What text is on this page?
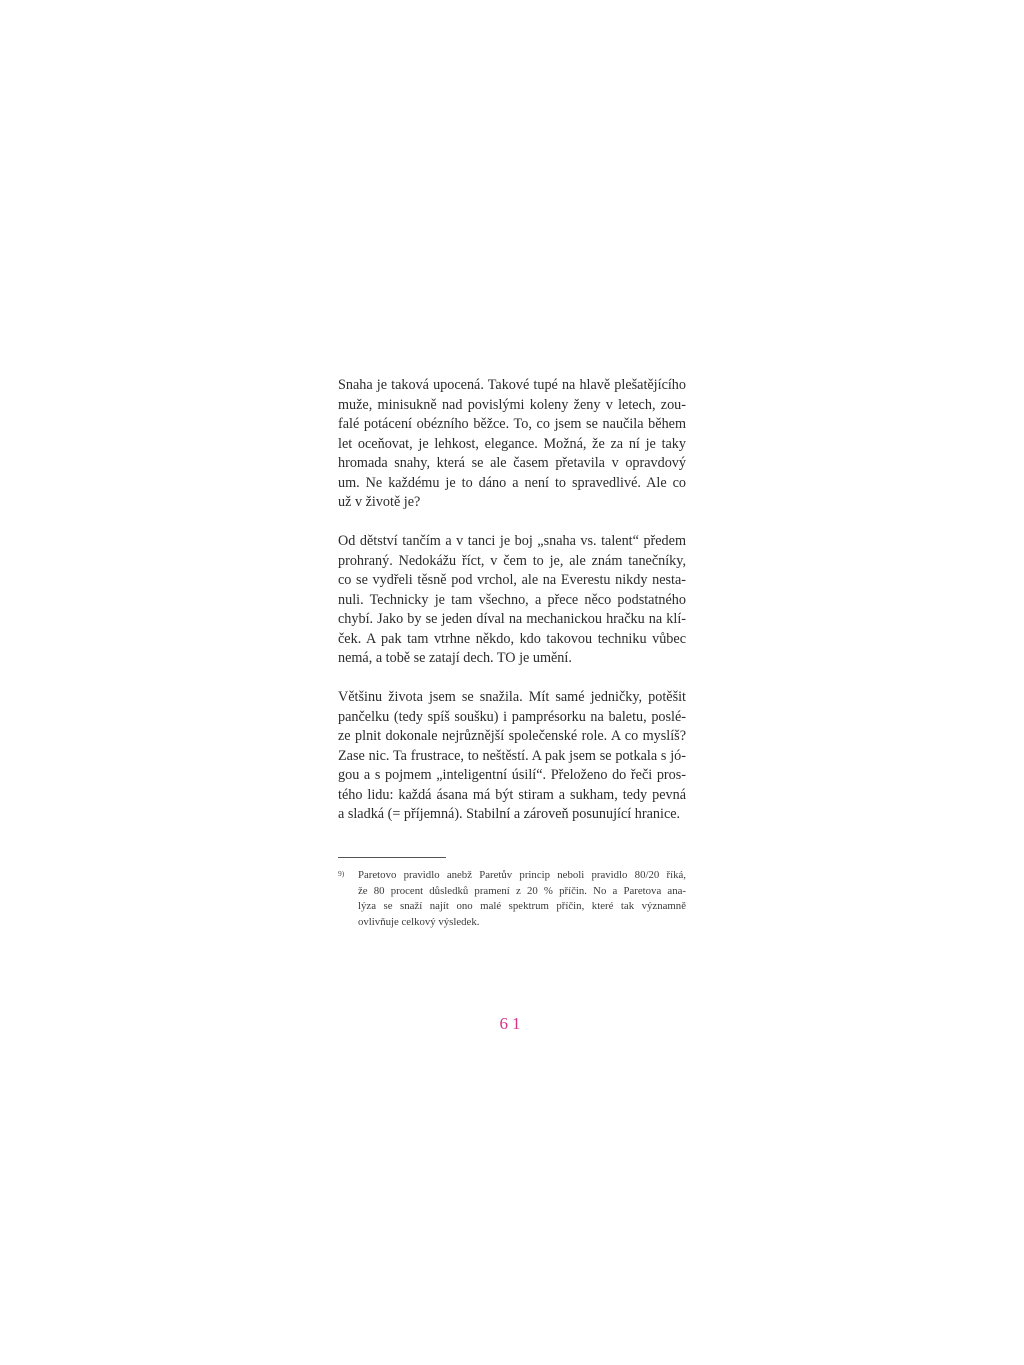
Snaha je taková upocená. Takové tupé na hlavě plešatějícího
muže, minisukně nad povislými koleny ženy v letech, zou-
falé potácení obézního běžce. To, co jsem se naučila během
let oceňovat, je lehkost, elegance. Možná, že za ní je taky
hromada snahy, která se ale časem přetavila v opravdový
um. Ne každému je to dáno a není to spravedlivé. Ale co
už v životě je?
Od dětství tančím a v tanci je boj „snaha vs. talent“ předem
prohraný. Nedokážu říct, v čem to je, ale znám tanečníky,
co se vydřeli těsně pod vrchol, ale na Everestu nikdy nesta-
nuli. Technicky je tam všechno, a přece něco podstatného
chybí. Jako by se jeden díval na mechanickou hračku na klí-
ček. A pak tam vtrhne někdo, kdo takovou techniku vůbec
nemá, a tobě se zatají dech. TO je umění.
Většinu života jsem se snažila. Mít samé jedničky, potěšit
pančelku (tedy spíš soušku) i pamprésorku na baletu, poslé-
ze plnit dokonale nejrůznější společenské role. A co myslíš?
Zase nic. Ta frustrace, to neštěstí. A pak jsem se potkala s jó-
gou a s pojmem „inteligentní úsilí“. Přeloženo do řeči pros-
tého lidu: každá ásana má být stiram a sukham, tedy pevná
a sladká (= příjemná). Stabilní a zároveň posunující hranice.
9) Paretovo pravidlo anebž Paretův princip neboli pravidlo 80/20 říká,
že 80 procent důsledků pramení z 20 % příčin. No a Paretova ana-
lýza se snaží najít ono malé spektrum příčin, které tak významně
ovlivňuje celkový výsledek.
61
